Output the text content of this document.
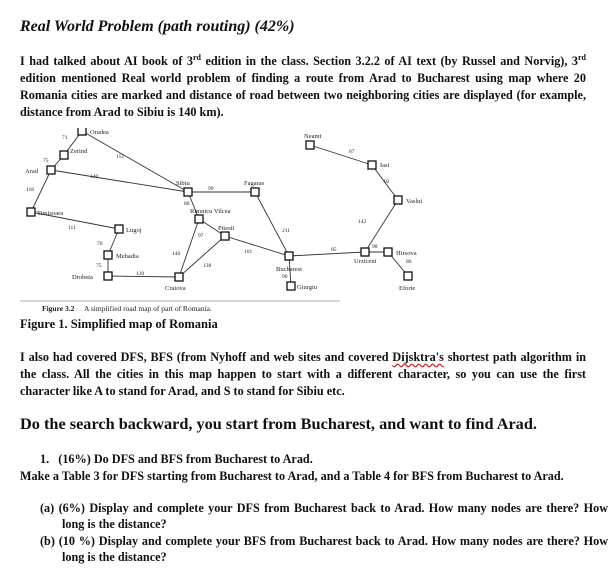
Real World Problem (path routing) (42%)
I had talked about AI book of 3rd edition in the class. Section 3.2.2 of AI text (by Russel and Norvig), 3rd edition mentioned Real world problem of finding a route from Arad to Bucharest using map where 20 Romania cities are marked and distance of road between two neighboring cities are displayed (for example, distance from Arad to Sibiu is 140 km).
71
75
151
140
118	99
80
211
111
97
70
146	101
138
75
120
85
90
98
86
142
92
87
Oradea
Zerind
Arad
Sibiu	Fagaras
Timisoara	Rimnicu Vilcea
Pitesti
Lugoj
Mehadia
Drobeta
Craiova
Bucharest
Giurgiu
Urziceni
Hirsova
Eforie
Vaslui
Iasi
Neamt
Figure 3.2 A simplified road map of part of Romania.
Figure 1. Simplified map of Romania
I also had covered DFS, BFS (from Nyhoff and web sites and covered Dijsktra's shortest path algorithm in the class. All the cities in this map happen to start with a different character, so you can use the first character like A to stand for Arad, and S to stand for Sibiu etc.
Do the search backward, you start from Bucharest, and want to find Arad.
1. (16%) Do DFS and BFS from Bucharest to Arad.
Make a Table 3 for DFS starting from Bucharest to Arad, and a Table 4 for BFS from Bucharest to Arad.
(a) (6%) Display and complete your DFS from Bucharest back to Arad. How many nodes are there? How long is the distance?
(b) (10 %) Display and complete your BFS from Bucharest back to Arad. How many nodes are there? How long is the distance?
